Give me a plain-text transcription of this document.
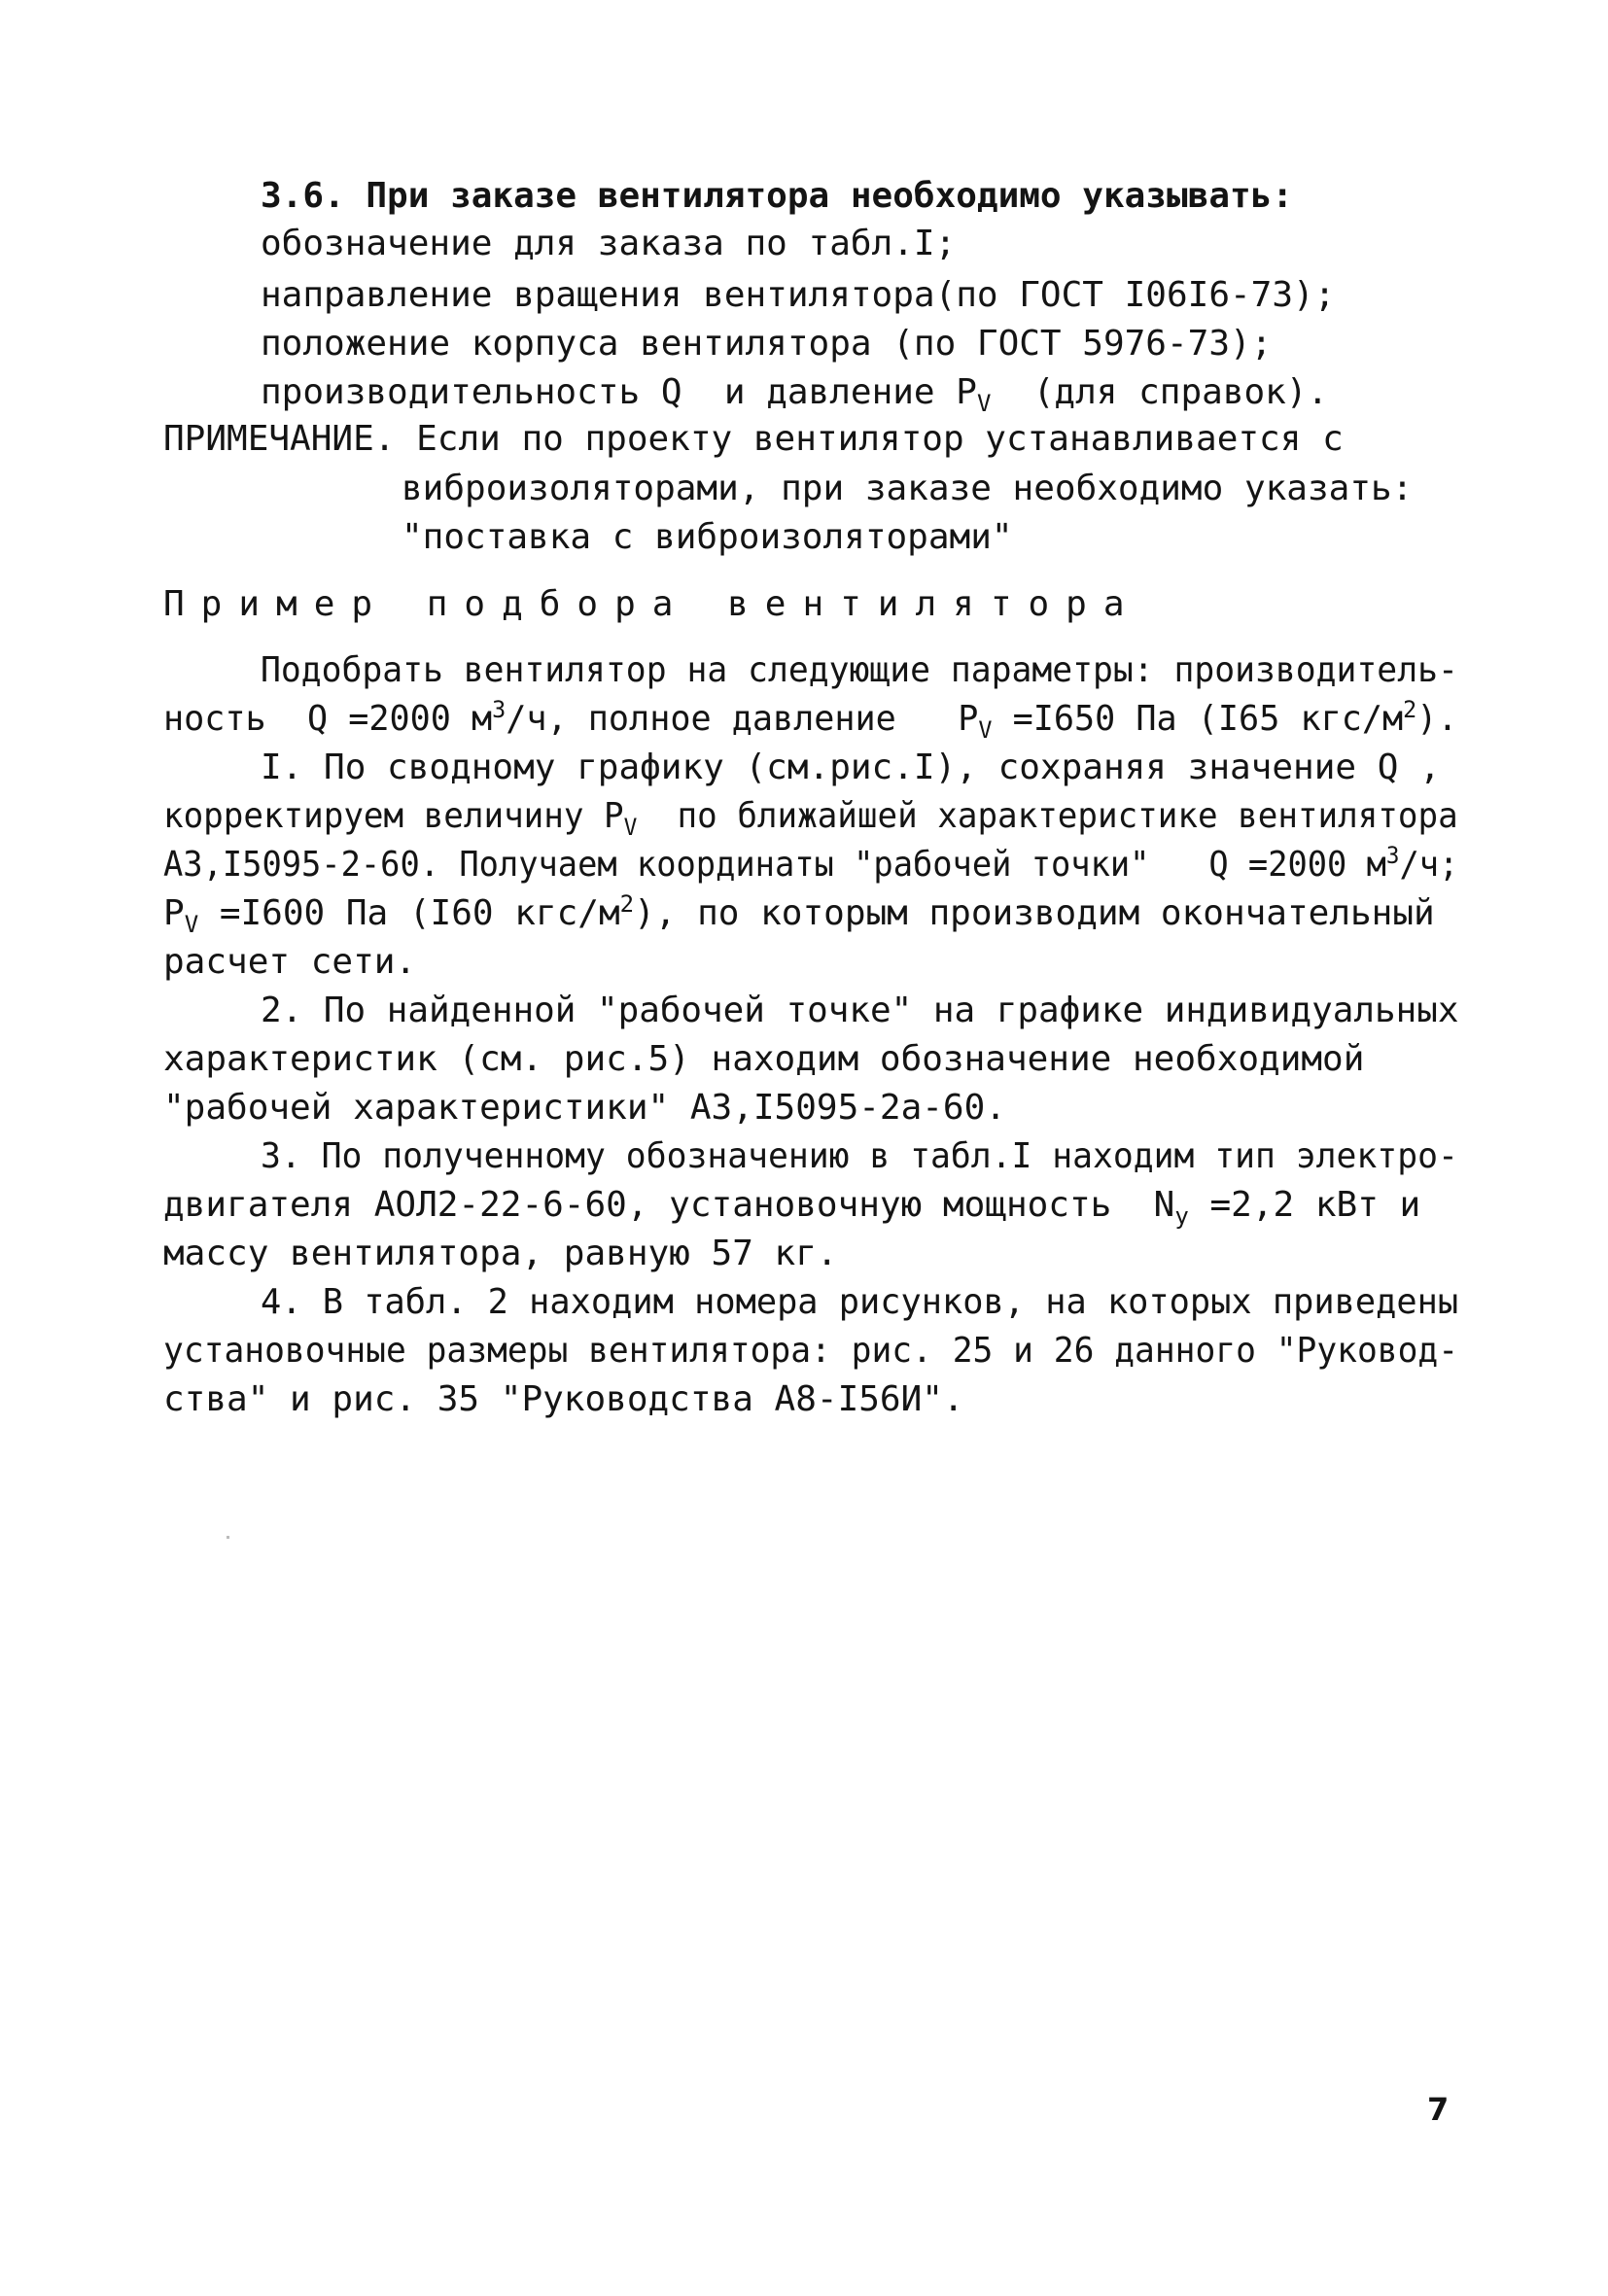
3.6. При заказе вентилятора необходимо указывать:
обозначение для заказа по табл.I;
направление вращения вентилятора(по ГОСТ I06I6-73);
положение корпуса вентилятора (по ГОСТ 5976-73);
производительность Q  и давление $P_V$  (для справок).
ПРИМЕЧАНИЕ. Если по проекту вентилятор устанавливается с
виброизоляторами, при заказе необходимо указать:
"поставка с виброизоляторами"
Пример подбора вентилятора
Подобрать вентилятор на следующие параметры: производитель-
ность  Q =2000 $м^3/ч$, полное давление   $P_V =I650$ Па (I65 кгс/$м^2$).
I. По сводному графику (см.рис.I), сохраняя значение Q ,
корректируем величину $P_V$  по ближайшей характеристике вентилятора
А3,I5095-2-60. Получаем координаты "рабочей точки"   Q =2000 $м^3/ч$;
$P_V =I600$ Па (I60 кгс/$м^2$), по которым производим окончательный
расчет сети.
2. По найденной "рабочей точке" на графике индивидуальных
характеристик (см. рис.5) находим обозначение необходимой
"рабочей характеристики" А3,I5095-2а-60.
3. По полученному обозначению в табл.I находим тип электро-
двигателя АОЛ2-22-6-60, установочную мощность  $N_y =2,2$ кВт и
массу вентилятора, равную 57 кг.
4. В табл. 2 находим номера рисунков, на которых приведены
установочные размеры вентилятора: рис. 25 и 26 данного "Руковод-
ства" и рис. 35 "Руководства А8-I56И".
7
